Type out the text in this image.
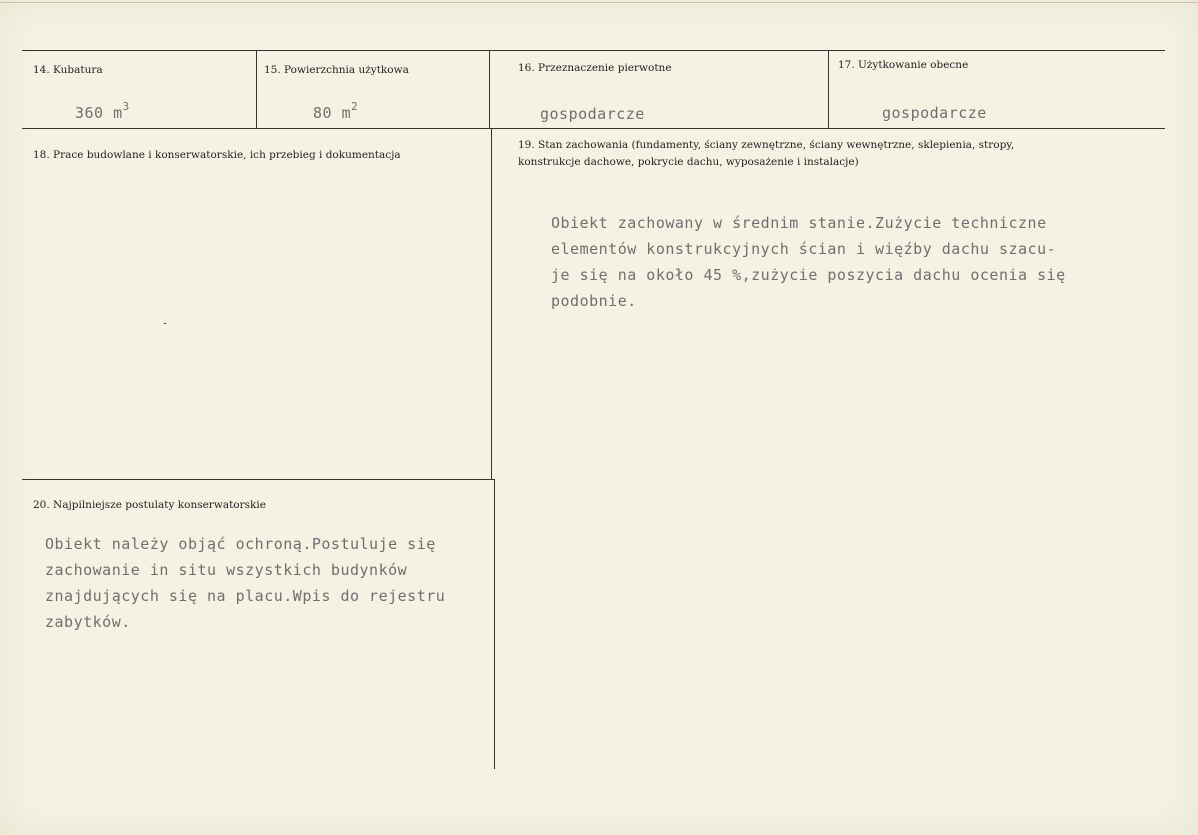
14. Kubatura
360 $m^3$
15. Powierzchnia użytkowa
80 $m^2$
16. Przeznaczenie pierwotne
gospodarcze
17. Użytkowanie obecne
gospodarcze
18. Prace budowlane i konserwatorskie, ich przebieg i dokumentacja
-
19. Stan zachowania (fundamenty, ściany zewnętrzne, ściany wewnętrzne, sklepienia, stropy,
konstrukcje dachowe, pokrycie dachu, wyposażenie i instalacje)

Obiekt zachowany w średnim stanie.Zużycie techniczne

elementów konstrukcyjnych ścian i więźby dachu szacu-

je się na około 45 %,zużycie poszycia dachu ocenia się

podobnie.

20. Najpilniejsze postulaty konserwatorskie

Obiekt należy objąć ochroną.Postuluje się

zachowanie in situ wszystkich budynków

znajdujących się na placu.Wpis do rejestru

zabytków.
